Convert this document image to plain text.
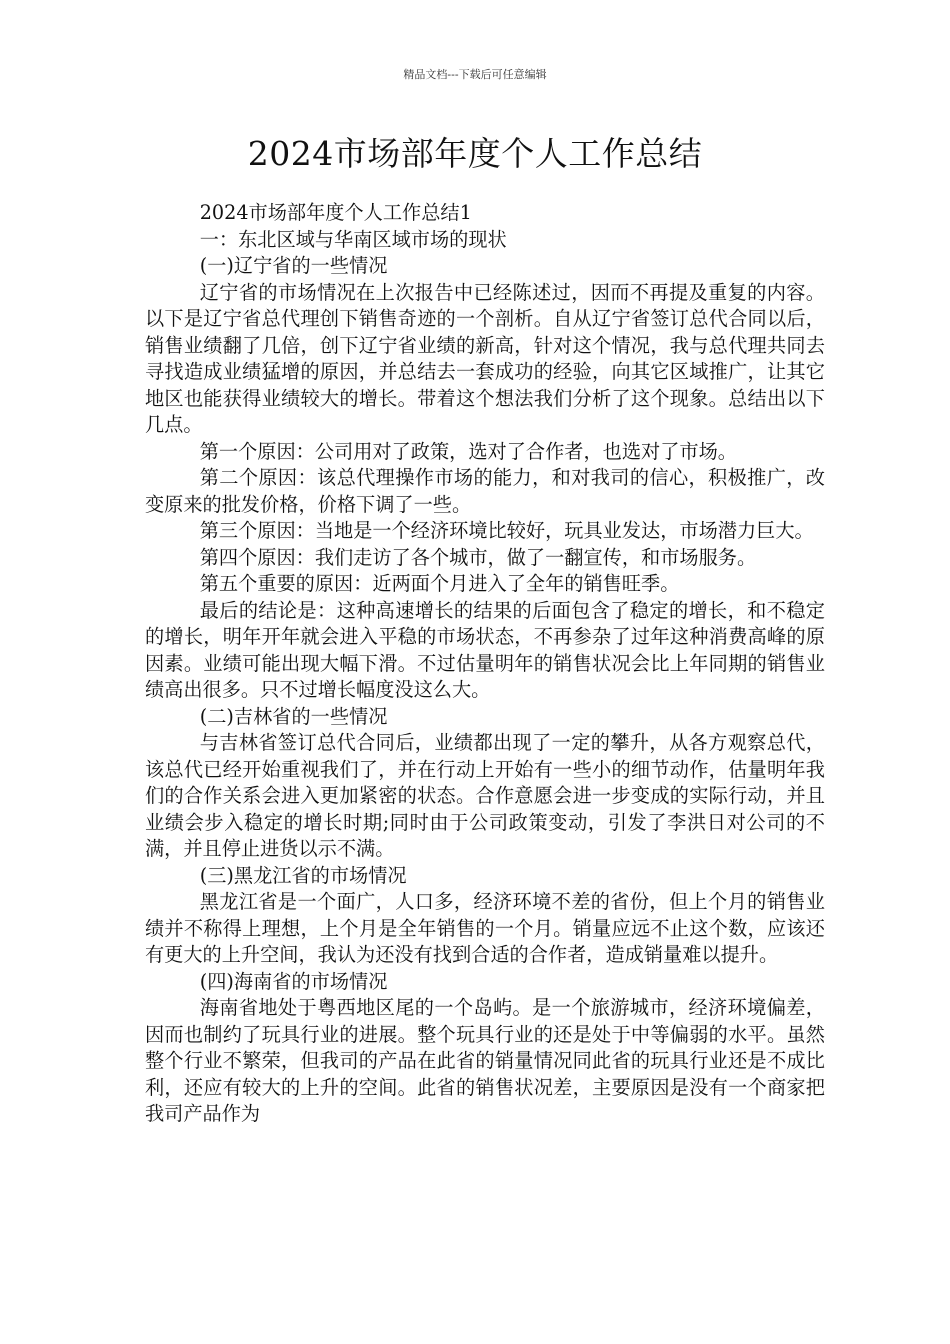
精品文档---下载后可任意编辑
2024市场部年度个人工作总结

2024市场部年度个人工作总结1

一：东北区域与华南区域市场的现状

(一)辽宁省的一些情况

辽宁省的市场情况在上次报告中已经陈述过，因而不再提及重复的内容。以下是辽宁省总代理创下销售奇迹的一个剖析。自从辽宁省签订总代合同以后，销售业绩翻了几倍，创下辽宁省业绩的新高，针对这个情况，我与总代理共同去寻找造成业绩猛增的原因，并总结去一套成功的经验，向其它区域推广，让其它地区也能获得业绩较大的增长。带着这个想法我们分析了这个现象。总结出以下几点。

第一个原因：公司用对了政策，选对了合作者，也选对了市场。

第二个原因：该总代理操作市场的能力，和对我司的信心，积极推广，改变原来的批发价格，价格下调了一些。

第三个原因：当地是一个经济环境比较好，玩具业发达，市场潜力巨大。

第四个原因：我们走访了各个城市，做了一翻宣传，和市场服务。

第五个重要的原因：近两面个月进入了全年的销售旺季。

最后的结论是：这种高速增长的结果的后面包含了稳定的增长，和不稳定的增长，明年开年就会进入平稳的市场状态，不再参杂了过年这种消费高峰的原因素。业绩可能出现大幅下滑。不过估量明年的销售状况会比上年同期的销售业绩高出很多。只不过增长幅度没这么大。

(二)吉林省的一些情况

与吉林省签订总代合同后，业绩都出现了一定的攀升，从各方观察总代，该总代已经开始重视我们了，并在行动上开始有一些小的细节动作，估量明年我们的合作关系会进入更加紧密的状态。合作意愿会进一步变成的实际行动，并且业绩会步入稳定的增长时期;同时由于公司政策变动，引发了李洪日对公司的不满，并且停止进货以示不满。

(三)黑龙江省的市场情况

黑龙江省是一个面广，人口多，经济环境不差的省份，但上个月的销售业绩并不称得上理想，上个月是全年销售的一个月。销量应远不止这个数，应该还有更大的上升空间，我认为还没有找到合适的合作者，造成销量难以提升。

(四)海南省的市场情况

海南省地处于粤西地区尾的一个岛屿。是一个旅游城市，经济环境偏差，因而也制约了玩具行业的进展。整个玩具行业的还是处于中等偏弱的水平。虽然整个行业不繁荣，但我司的产品在此省的销量情况同此省的玩具行业还是不成比利，还应有较大的上升的空间。此省的销售状况差，主要原因是没有一个商家把我司产品作为
